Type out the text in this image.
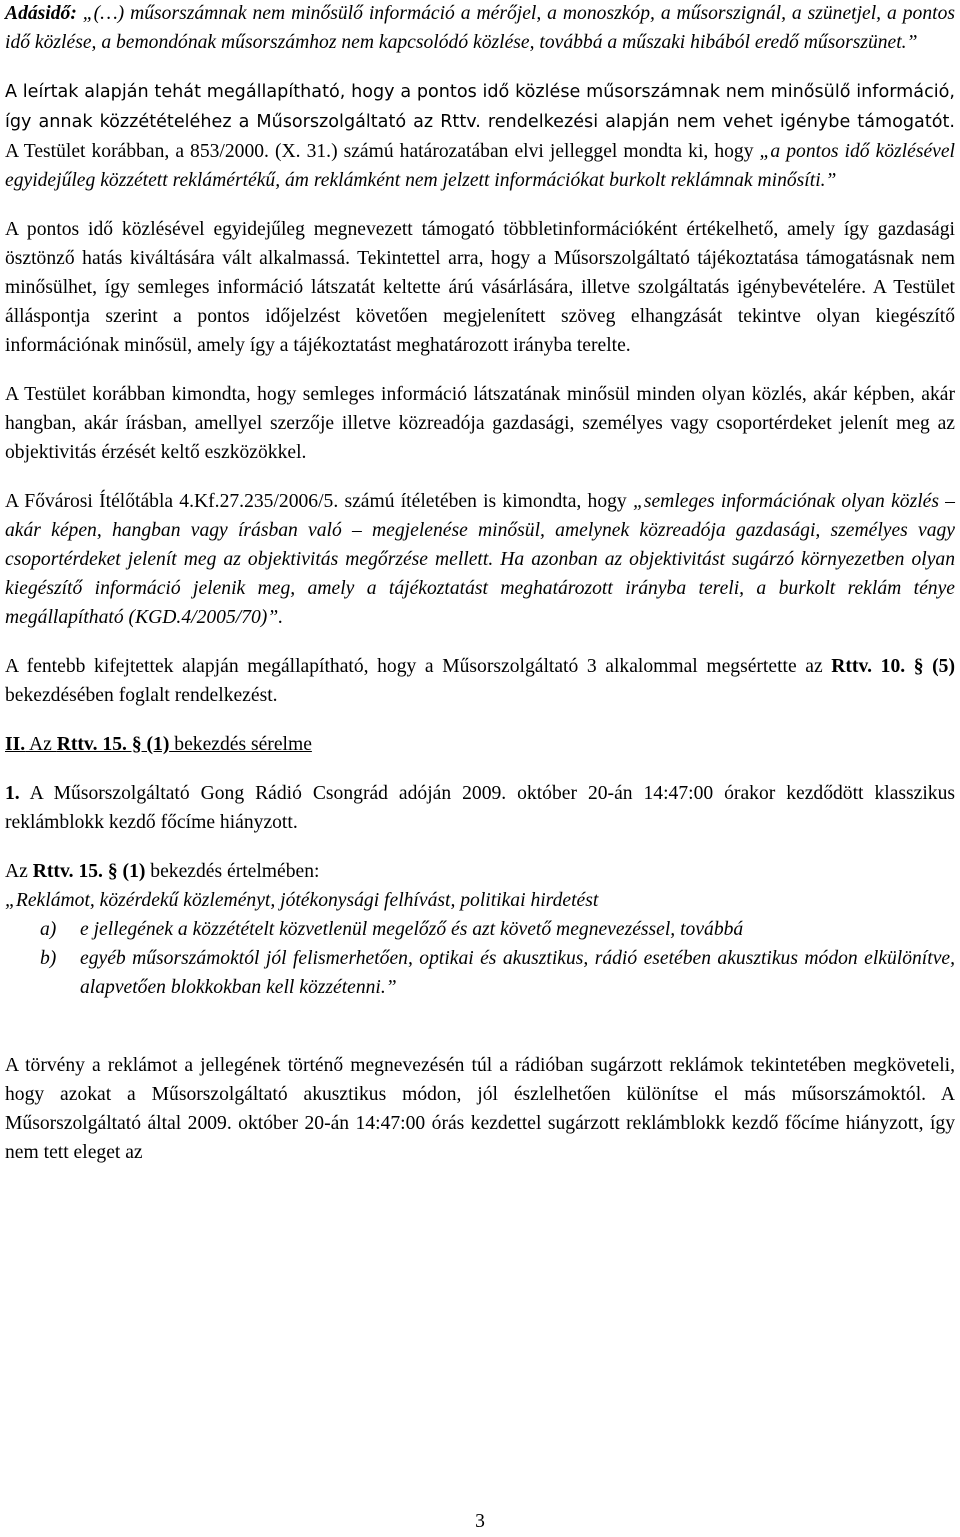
Adásidő: „(…) műsorszámnak nem minősülő információ a mérőjel, a monoszkóp, a műsorszignál, a szünetjel, a pontos idő közlése, a bemondónak műsorszámhoz nem kapcsolódó közlése, továbbá a műszaki hibából eredő műsorszünet.”

A leírtak alapján tehát megállapítható, hogy a pontos idő közlése műsorszámnak nem minősülő információ, így annak közzétételéhez a Műsorszolgáltató az Rttv. rendelkezési alapján nem vehet igénybe támogatót. A Testület korábban, a 853/2000. (X. 31.) számú határozatában elvi jelleggel mondta ki, hogy „a pontos idő közlésével egyidejűleg közzétett reklámértékű, ám reklámként nem jelzett információkat burkolt reklámnak minősíti.”

A pontos idő közlésével egyidejűleg megnevezett támogató többletinformációként értékelhető, amely így gazdasági ösztönző hatás kiváltására vált alkalmassá. Tekintettel arra, hogy a Műsorszolgáltató tájékoztatása támogatásnak nem minősülhet, így semleges információ látszatát keltette árú vásárlására, illetve szolgáltatás igénybevételére. A Testület álláspontja szerint a pontos időjelzést követően megjelenített szöveg elhangzását tekintve olyan kiegészítő információnak minősül, amely így a tájékoztatást meghatározott irányba terelte.

A Testület korábban kimondta, hogy semleges információ látszatának minősül minden olyan közlés, akár képben, akár hangban, akár írásban, amellyel szerzője illetve közreadója gazdasági, személyes vagy csoportérdeket jelenít meg az objektivitás érzését keltő eszközökkel.

A Fővárosi Ítélőtábla 4.Kf.27.235/2006/5. számú ítéletében is kimondta, hogy „semleges információnak olyan közlés – akár képen, hangban vagy írásban való – megjelenése minősül, amelynek közreadója gazdasági, személyes vagy csoportérdeket jelenít meg az objektivitás megőrzése mellett. Ha azonban az objektivitást sugárzó környezetben olyan kiegészítő információ jelenik meg, amely a tájékoztatást meghatározott irányba tereli, a burkolt reklám ténye megállapítható (KGD.4/2005/70)”.

A fentebb kifejtettek alapján megállapítható, hogy a Műsorszolgáltató 3 alkalommal megsértette az Rttv. 10. § (5) bekezdésében foglalt rendelkezést.

II. Az Rttv. 15. § (1) bekezdés sérelme

1. A Műsorszolgáltató Gong Rádió Csongrád adóján 2009. október 20-án 14:47:00 órakor kezdődött klasszikus reklámblokk kezdő főcíme hiányzott.

Az Rttv. 15. § (1) bekezdés értelmében:

„Reklámot, közérdekű közleményt, jótékonysági felhívást, politikai hirdetést

a)	e jellegének a közzétételt közvetlenül megelőző és azt követő megnevezéssel, továbbá
b)	egyéb műsorszámoktól jól felismerhetően, optikai és akusztikus, rádió esetében akusztikus módon elkülönítve, alapvetően blokkokban kell közzétenni.”

A törvény a reklámot a jellegének történő megnevezésén túl a rádióban sugárzott reklámok tekintetében megköveteli, hogy azokat a Műsorszolgáltató akusztikus módon, jól észlelhetően különítse el más műsorszámoktól. A Műsorszolgáltató által 2009. október 20-án 14:47:00 órás kezdettel sugárzott reklámblokk kezdő főcíme hiányzott, így nem tett eleget az

3
